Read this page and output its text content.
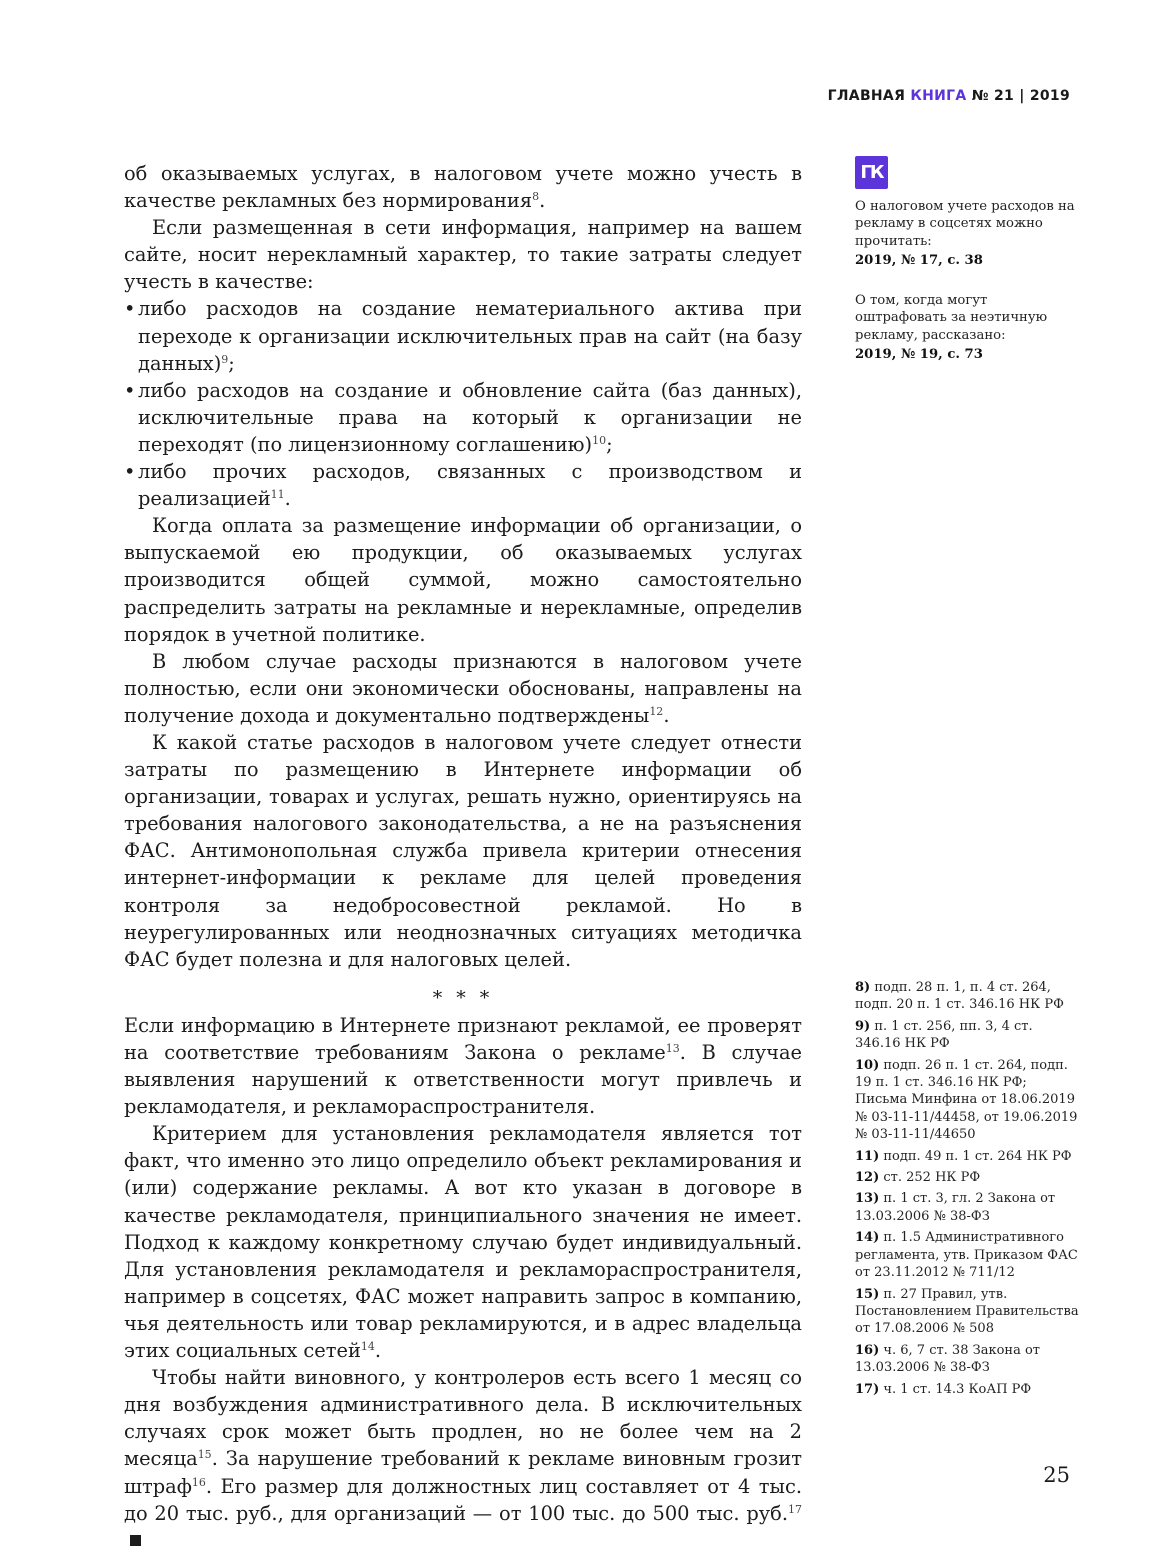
ГЛАВНАЯ КНИГА № 21 | 2019

об оказываемых услугах, в налоговом учете можно учесть в качестве рекламных без нормирования$^8$.

Если размещенная в сети информация, например на вашем сайте, носит нерекламный характер, то такие затраты следует учесть в качестве:

• либо расходов на создание нематериального актива при переходе к организации исключительных прав на сайт (на базу данных)$^9$;
• либо расходов на создание и обновление сайта (баз данных), исключительные права на который к организации не переходят (по лицензионному соглашению)$^{10}$;
• либо прочих расходов, связанных с производством и реализацией$^{11}$.

Когда оплата за размещение информации об организации, о выпускаемой ею продукции, об оказываемых услугах производится общей суммой, можно самостоятельно распределить затраты на рекламные и нерекламные, определив порядок в учетной политике.

В любом случае расходы признаются в налоговом учете полностью, если они экономически обоснованы, направлены на получение дохода и документально подтверждены$^{12}$.

К какой статье расходов в налоговом учете следует отнести затраты по размещению в Интернете информации об организации, товарах и услугах, решать нужно, ориентируясь на требования налогового законодательства, а не на разъяснения ФАС. Антимонопольная служба привела критерии отнесения интернет-информации к рекламе для целей проведения контроля за недобросовестной рекламой. Но в неурегулированных или неоднозначных ситуациях методичка ФАС будет полезна и для налоговых целей.

* * *

Если информацию в Интернете признают рекламой, ее проверят на соответствие требованиям Закона о рекламе$^{13}$. В случае выявления нарушений к ответственности могут привлечь и рекламодателя, и рекламораспространителя.

Критерием для установления рекламодателя является тот факт, что именно это лицо определило объект рекламирования и (или) содержание рекламы. А вот кто указан в договоре в качестве рекламодателя, принципиального значения не имеет. Подход к каждому конкретному случаю будет индивидуальный. Для установления рекламодателя и рекламораспространителя, например в соцсетях, ФАС может направить запрос в компанию, чья деятельность или товар рекламируются, и в адрес владельца этих социальных сетей$^{14}$.

Чтобы найти виновного, у контролеров есть всего 1 месяц со дня возбуждения административного дела. В исключительных случаях срок может быть продлен, но не более чем на 2 месяца$^{15}$. За нарушение требований к рекламе виновным грозит штраф$^{16}$. Его размер для должностных лиц составляет от 4 тыс. до 20 тыс. руб., для организаций — от 100 тыс. до 500 тыс. руб.$^{17}$

ГК
О налоговом учете расходов на рекламу в соцсетях можно прочитать:
2019, № 17, с. 38
О том, когда могут оштрафовать за неэтичную рекламу, рассказано:
2019, № 19, с. 73
8) подп. 28 п. 1, п. 4 ст. 264, подп. 20 п. 1 ст. 346.16 НК РФ
9) п. 1 ст. 256, пп. 3, 4 ст. 346.16 НК РФ
10) подп. 26 п. 1 ст. 264, подп. 19 п. 1 ст. 346.16 НК РФ; Письма Минфина от 18.06.2019 № 03-11-11/44458, от 19.06.2019 № 03-11-11/44650
11) подп. 49 п. 1 ст. 264 НК РФ
12) ст. 252 НК РФ
13) п. 1 ст. 3, гл. 2 Закона от 13.03.2006 № 38-ФЗ
14) п. 1.5 Административного регламента, утв. Приказом ФАС от 23.11.2012 № 711/12
15) п. 27 Правил, утв. Постановлением Правительства от 17.08.2006 № 508
16) ч. 6, 7 ст. 38 Закона от 13.03.2006 № 38-ФЗ
17) ч. 1 ст. 14.3 КоАП РФ
25
